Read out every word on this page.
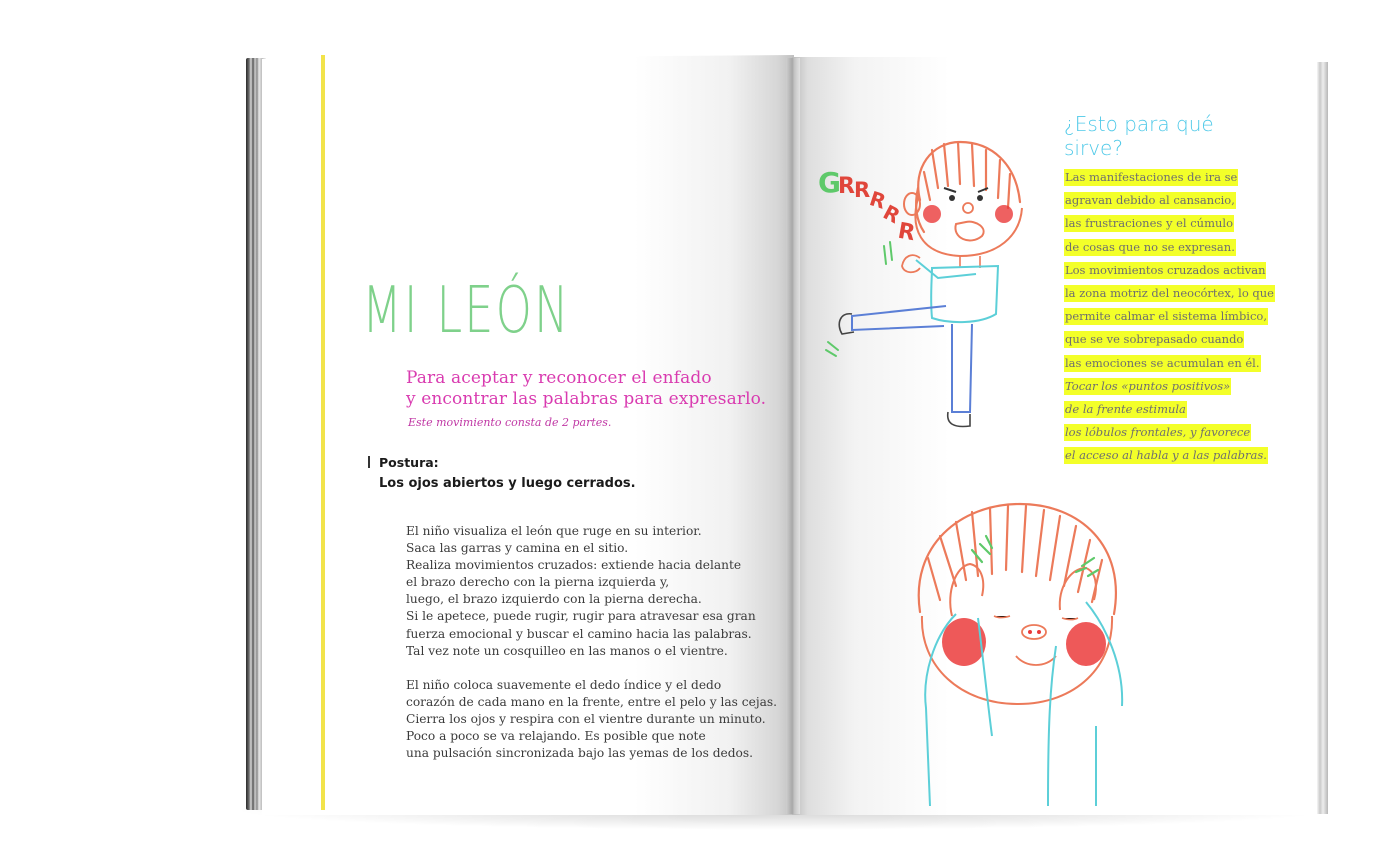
MI LEÓN
Para aceptar y reconocer el enfado
y encontrar las palabras para expresarlo.
Este movimiento consta de 2 partes.
Postura:
Los ojos abiertos y luego cerrados.
El niño visualiza el león que ruge en su interior.
Saca las garras y camina en el sitio.
Realiza movimientos cruzados: extiende hacia delante
el brazo derecho con la pierna izquierda y,
luego, el brazo izquierdo con la pierna derecha.
Si le apetece, puede rugir, rugir para atravesar esa gran
fuerza emocional y buscar el camino hacia las palabras.
Tal vez note un cosquilleo en las manos o el vientre.
El niño coloca suavemente el dedo índice y el dedo
corazón de cada mano en la frente, entre el pelo y las cejas.
Cierra los ojos y respira con el vientre durante un minuto.
Poco a poco se va relajando. Es posible que note
una pulsación sincronizada bajo las yemas de los dedos.
¿Esto para qué
sirve?
Las manifestaciones de ira se
agravan debido al cansancio,
las frustraciones y el cúmulo
de cosas que no se expresan.
Los movimientos cruzados activan
la zona motriz del neocórtex, lo que
permite calmar el sistema límbico,
que se ve sobrepasado cuando
las emociones se acumulan en él.
Tocar los «puntos positivos»
de la frente estimula
los lóbulos frontales, y favorece
el acceso al habla y a las palabras.
G
R R
R
R
R
